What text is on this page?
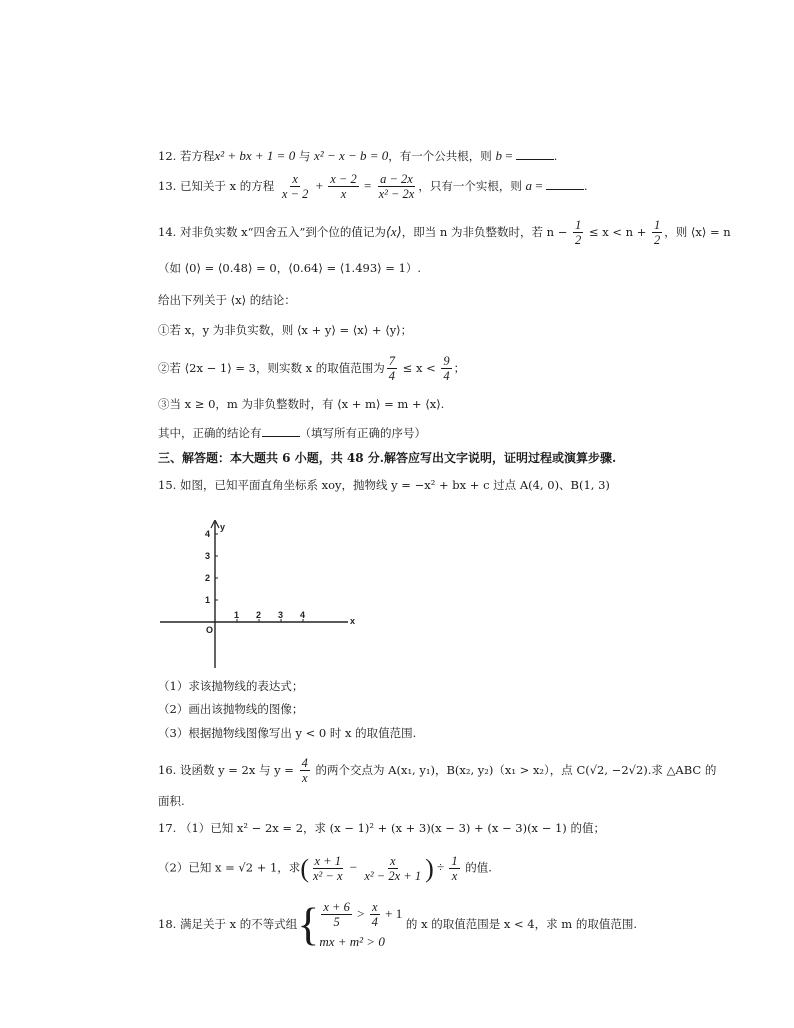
12. 若方程x² + bx + 1 = 0 与 x² − x − b = 0，有一个公共根，则 b =	.
13. 已知关于 x 的方程 $\frac{x}{x - 2} + \frac{x - 2}{x} = \frac{a - 2x}{\text{x² − 2x}}$ ，只有一个实根，则 a =	.
14. 对非负实数 x“四舍五入”到个位的值记为⟨x⟩，即当 n 为非负整数时，若 $n - \frac{1}{2} \le x < n + \frac{1}{2}$ ，则 ⟨x⟩ = n
（如 ⟨0⟩ = ⟨0.48⟩ = 0，⟨0.64⟩ = ⟨1.493⟩ = 1）.
给出下列关于 ⟨x⟩ 的结论：
①若 x，y 为非负实数，则 ⟨x + y⟩ = ⟨x⟩ + ⟨y⟩；
②若 ⟨2x − 1⟩ = 3，则实数 x 的取值范围为 $\frac{7}{4} \le x < \frac{9}{4}$ ；
③当 x ≥ 0，m 为非负整数时，有 ⟨x + m⟩ = m + ⟨x⟩.
其中，正确的结论有	（填写所有正确的序号）
三、解答题：本大题共 6 小题，共 48 分.解答应写出文字说明，证明过程或演算步骤.
15. 如图，已知平面直角坐标系 xoy，抛物线 y = −x² + bx + c 过点 A(4, 0)、B(1, 3)
y
x
O
1 2 3 4
1
2
3
4
（1）求该抛物线的表达式；
（2）画出该抛物线的图像；
（3）根据抛物线图像写出 y < 0 时 x 的取值范围.
16. 设函数 y = 2x 与 $y = \frac{4}{x}$ 的两个交点为 A(x₁, y₁)，B(x₂, y₂)（x₁ > x₂），点 C(√2, −2√2).求 △ABC 的
面积.
17. （1）已知 x² − 2x = 2，求 (x − 1)² + (x + 3)(x − 3) + (x − 3)(x − 1) 的值；
（2）已知 x = √2 + 1，求( $\frac{x + 1}{\text{x² − x}} - \frac{x}{\text{x² − 2x + 1}}$ ) ÷ $\frac{1}{x}$ 的值.
18. 满足关于 x 的不等式组{ $\frac{x + 6}{5} > \frac{x}{4} + 1$
mx + m² > 0
的 x 的取值范围是 x < 4，求 m 的取值范围.
